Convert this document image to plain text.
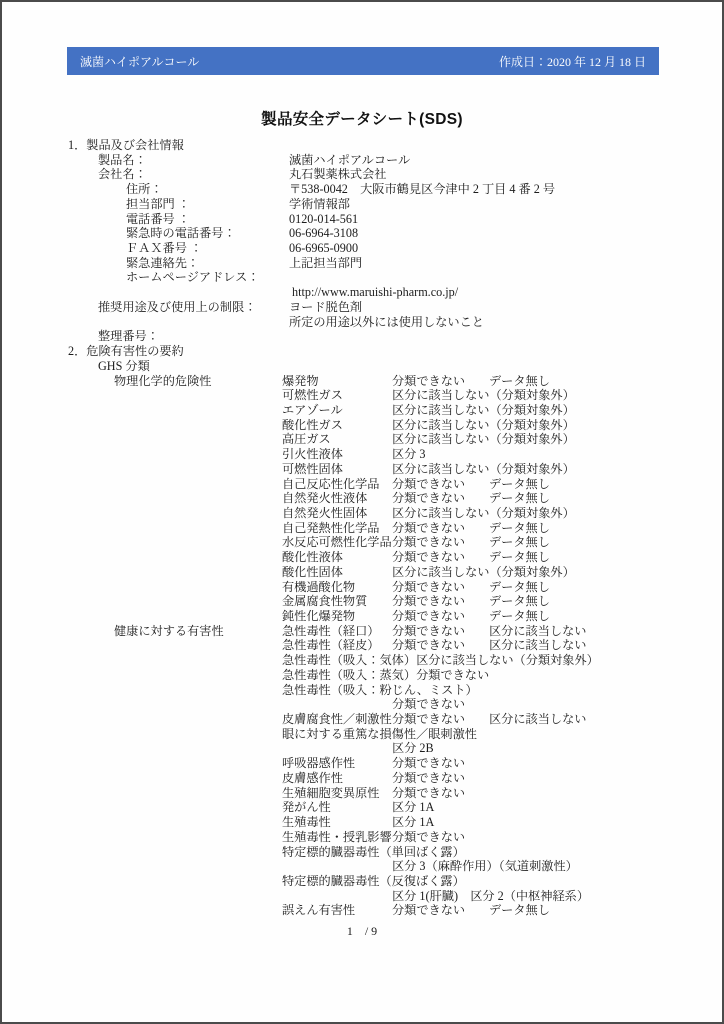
滅菌ハイポアルコール	作成日：2020 年 12 月 18 日
製品安全データシート(SDS)
1．製品及び会社情報
製品名：	滅菌ハイポアルコール
会社名：	丸石製薬株式会社
住所：	〒538-0042　大阪市鶴見区今津中 2 丁目 4 番 2 号
担当部門 ：	学術情報部
電話番号 ：	0120-014-561
緊急時の電話番号：	06-6964-3108
ＦＡＸ番号 ：	06-6965-0900
緊急連絡先：	上記担当部門
ホームページアドレス：
http://www.maruishi-pharm.co.jp/
推奨用途及び使用上の制限：	ヨード脱色剤
所定の用途以外には使用しないこと
整理番号：
2．危険有害性の要約
GHS 分類
物理化学的危険性	爆発物	分類できない	データ無し
可燃性ガス	区分に該当しない（分類対象外）
エアゾール	区分に該当しない（分類対象外）
酸化性ガス	区分に該当しない（分類対象外）
高圧ガス	区分に該当しない（分類対象外）
引火性液体	区分 3
可燃性固体	区分に該当しない（分類対象外）
自己反応性化学品	分類できない	データ無し
自然発火性液体	分類できない	データ無し
自然発火性固体	区分に該当しない（分類対象外）
自己発熱性化学品	分類できない	データ無し
水反応可燃性化学品 分類できない	データ無し
酸化性液体	分類できない	データ無し
酸化性固体	区分に該当しない（分類対象外）
有機過酸化物	分類できない	データ無し
金属腐食性物質	分類できない	データ無し
鈍性化爆発物	分類できない	データ無し
健康に対する有害性	急性毒性（経口）	分類できない	区分に該当しない
急性毒性（経皮）	分類できない	区分に該当しない
急性毒性（吸入：気体） 区分に該当しない（分類対象外）
急性毒性（吸入：蒸気） 分類できない
急性毒性（吸入：粉じん、ミスト）
分類できない
皮膚腐食性／刺激性 分類できない	区分に該当しない
眼に対する重篤な損傷性／眼刺激性
区分 2B
呼吸器感作性	分類できない
皮膚感作性	分類できない
生殖細胞変異原性	分類できない
発がん性	区分 1A
生殖毒性	区分 1A
生殖毒性・授乳影響 分類できない
特定標的臓器毒性（単回ばく露）
区分 3（麻酔作用）（気道刺激性）
特定標的臓器毒性（反復ばく露）
区分 1(肝臓)　区分 2（中枢神経系）
誤えん有害性	分類できない	データ無し
1　/ 9
